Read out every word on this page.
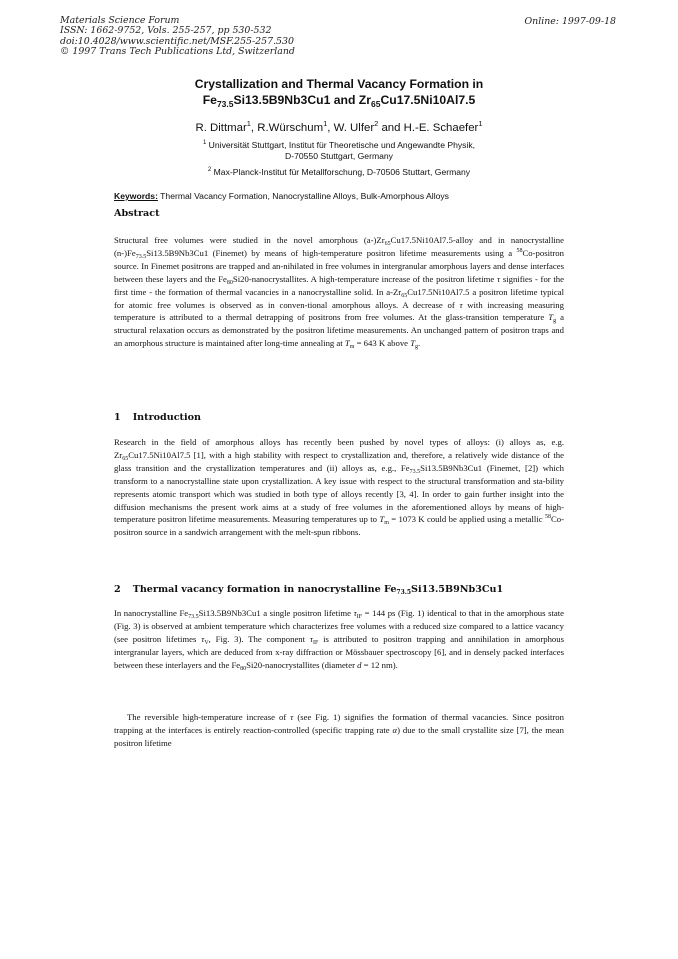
Materials Science Forum
ISSN: 1662-9752, Vols. 255-257, pp 530-532
doi:10.4028/www.scientific.net/MSF.255-257.530
© 1997 Trans Tech Publications Ltd, Switzerland
Online: 1997-09-18
Crystallization and Thermal Vacancy Formation in
$Fe_{73.5}Si13.5B9Nb3Cu1$ and $Zr_{65}Cu17.5Ni10Al7.5$
R. Dittmar$^1$, R.Würschum$^1$, W. Ulfer$^2$ and H.-E. Schaefer$^1$
$^1$ Universität Stuttgart, Institut für Theoretische und Angewandte Physik,
D-70550 Stuttgart, Germany
$^2$ Max-Planck-Institut für Metallforschung, D-70506 Stuttart, Germany
Keywords: Thermal Vacancy Formation, Nanocrystalline Alloys, Bulk-Amorphous Alloys
Abstract

Structural free volumes were studied in the novel amorphous $(a-)Zr_{65}Cu17.5Ni10Al7.5$-alloy and in nanocrystalline $(n-)Fe_{73.5}Si13.5B9Nb3Cu1$ (Finemet) by means of high-temperature positron lifetime measurements using a $^{58}$Co-positron source. In Finemet positrons are trapped and an-nihilated in free volumes in intergranular amorphous layers and dense interfaces between these layers and the $Fe_{80}Si20$-nanocrystallites. A high-temperature increase of the positron lifetime τ signifies - for the first time - the formation of thermal vacancies in a nanocrystalline solid. In $a-Zr_{65}Cu17.5Ni10Al7.5$ a positron lifetime typical for atomic free volumes is observed as in conven-tional amorphous alloys. A decrease of τ with increasing measuring temperature is attributed to a thermal detrapping of positrons from free volumes. At the glass-transition temperature $T_g$ a structural relaxation occurs as demonstrated by the positron lifetime measurements. An unchanged pattern of positron traps and an amorphous structure is maintained after long-time annealing at $T_m = 643$ K above $T_g$.

1 Introduction

Research in the field of amorphous alloys has recently been pushed by novel types of alloys: (i) alloys as, e.g. $Zr_{65}Cu17.5Ni10Al7.5$ [1], with a high stability with respect to crystallization and, therefore, a relatively wide distance of the glass transition and the crystallization temperatures and (ii) alloys as, e.g., $Fe_{73.5}Si13.5B9Nb3Cu1$ (Finemet, [2]) which transform to a nanocrystalline state upon crystallization. A key issue with respect to the structural transformation and sta-bility represents atomic transport which was studied in both type of alloys recently [3, 4]. In order to gain further insight into the diffusion mechanisms the present work aims at a study of free volumes in the aforementioned alloys by means of high-temperature positron lifetime measurements. Measuring temperatures up to $T_m = 1073$ K could be applied using a metallic $^{58}$Co-positron source in a sandwich arrangement with the melt-spun ribbons.

2 Thermal vacancy formation in nanocrystalline $Fe_{73.5}Si13.5B9Nb3Cu1$

In nanocrystalline $Fe_{73.5}Si13.5B9Nb3Cu1$ a single positron lifetime $\tau_{IF} = 144$ ps (Fig. 1) identical to that in the amorphous state (Fig. 3) is observed at ambient temperature which characterizes free volumes with a reduced size compared to a lattice vacancy (see positron lifetimes $\tau_V$, Fig. 3). The component $\tau_{IF}$ is attributed to positron trapping and annihilation in amorphous intergranular layers, which are deduced from x-ray diffraction or Mössbauer spectroscopy [6], and in densely packed interfaces between these interlayers and the $Fe_{80}Si20$-nanocrystallites (diameter d = 12 nm).

The reversible high-temperature increase of τ (see Fig. 1) signifies the formation of thermal vacancies. Since positron trapping at the interfaces is entirely reaction-controlled (specific trapping rate α) due to the small crystallite size [7], the mean positron lifetime
